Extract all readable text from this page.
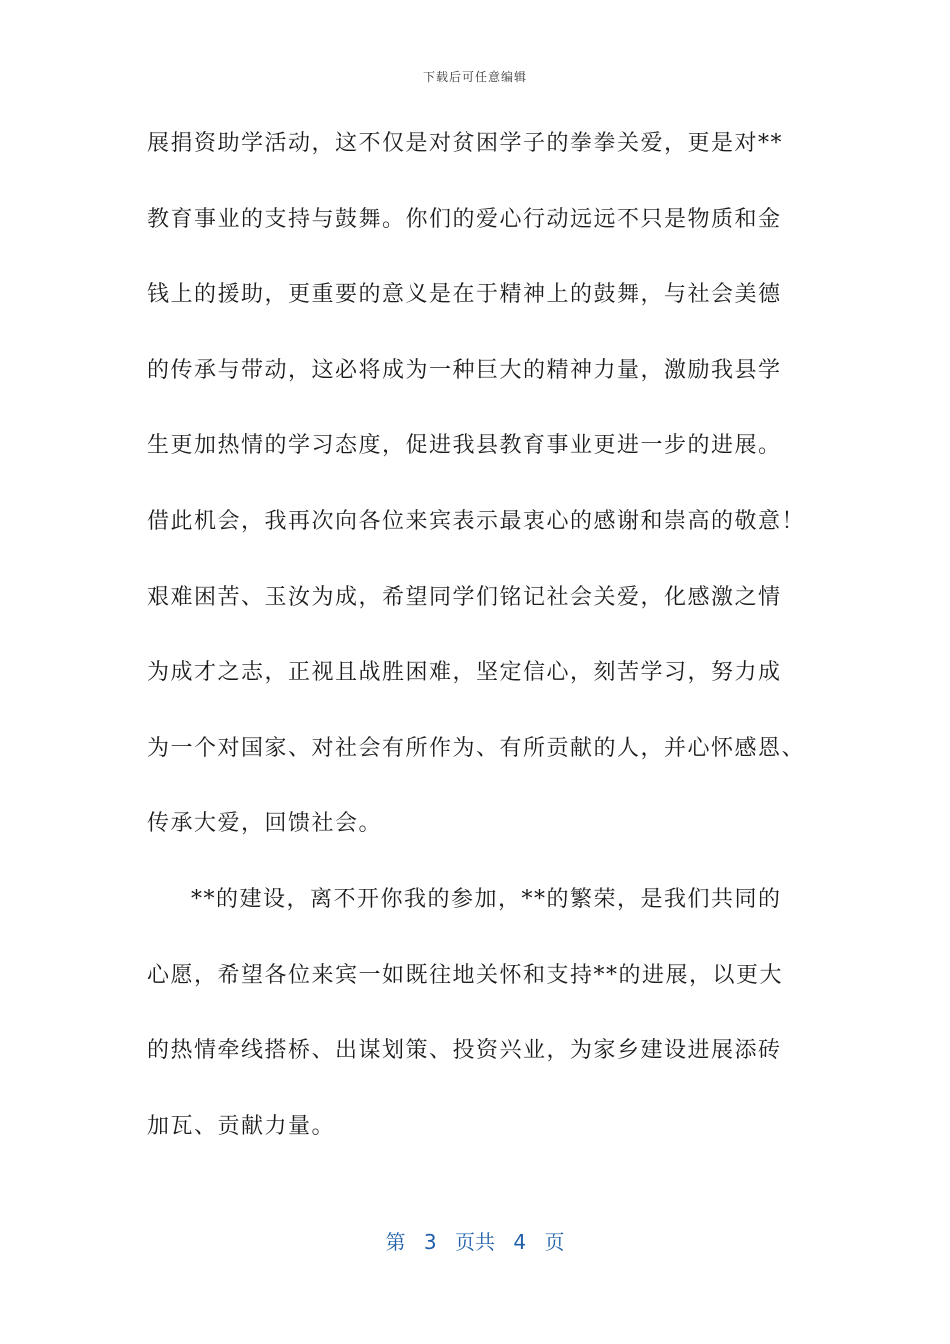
下载后可任意编辑
展捐资助学活动，这不仅是对贫困学子的拳拳关爱，更是对**
教育事业的支持与鼓舞。你们的爱心行动远远不只是物质和金
钱上的援助，更重要的意义是在于精神上的鼓舞，与社会美德
的传承与带动，这必将成为一种巨大的精神力量，激励我县学
生更加热情的学习态度，促进我县教育事业更进一步的进展。
借此机会，我再次向各位来宾表示最衷心的感谢和崇高的敬意！
艰难困苦、玉汝为成，希望同学们铭记社会关爱，化感激之情
为成才之志，正视且战胜困难，坚定信心，刻苦学习，努力成
为一个对国家、对社会有所作为、有所贡献的人，并心怀感恩、
传承大爱，回馈社会。
**的建设，离不开你我的参加，**的繁荣，是我们共同的
心愿，希望各位来宾一如既往地关怀和支持**的进展，以更大
的热情牵线搭桥、出谋划策、投资兴业，为家乡建设进展添砖
加瓦、贡献力量。
第 3 页共 4 页
